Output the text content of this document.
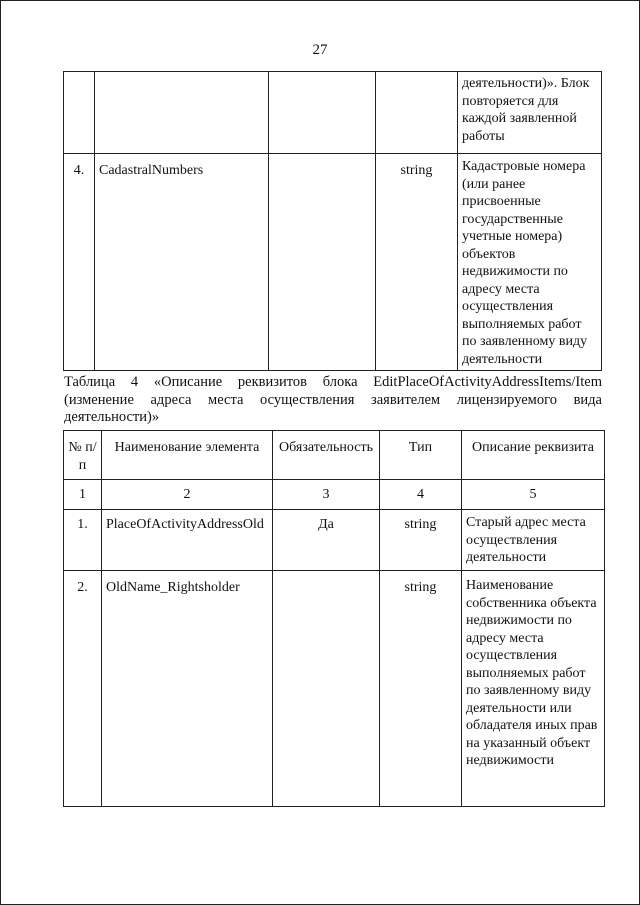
27
				деятельности)». Блок повторяется для каждой заявленной работы
4.	CadastralNumbers		string	Кадастровые номера (или ранее присвоенные государственные учетные номера) объектов недвижимости по адресу места осуществления выполняемых работ по заявленному виду деятельности
Таблица 4 «Описание реквизитов блока EditPlaceOfActivityAddressItems/Item
(изменение адреса места осуществления заявителем лицензируемого вида
деятельности)»
№ п/п	Наименование элемента	Обязательность	Тип	Описание реквизита
1	2	3	4	5
1.	PlaceOfActivityAddressOld	Да	string	Старый адрес места осуществления деятельности
2.	OldName_Rightsholder		string	Наименование собственника объекта недвижимости по адресу места осуществления выполняемых работ по заявленному виду деятельности или обладателя иных прав на указанный объект недвижимости
